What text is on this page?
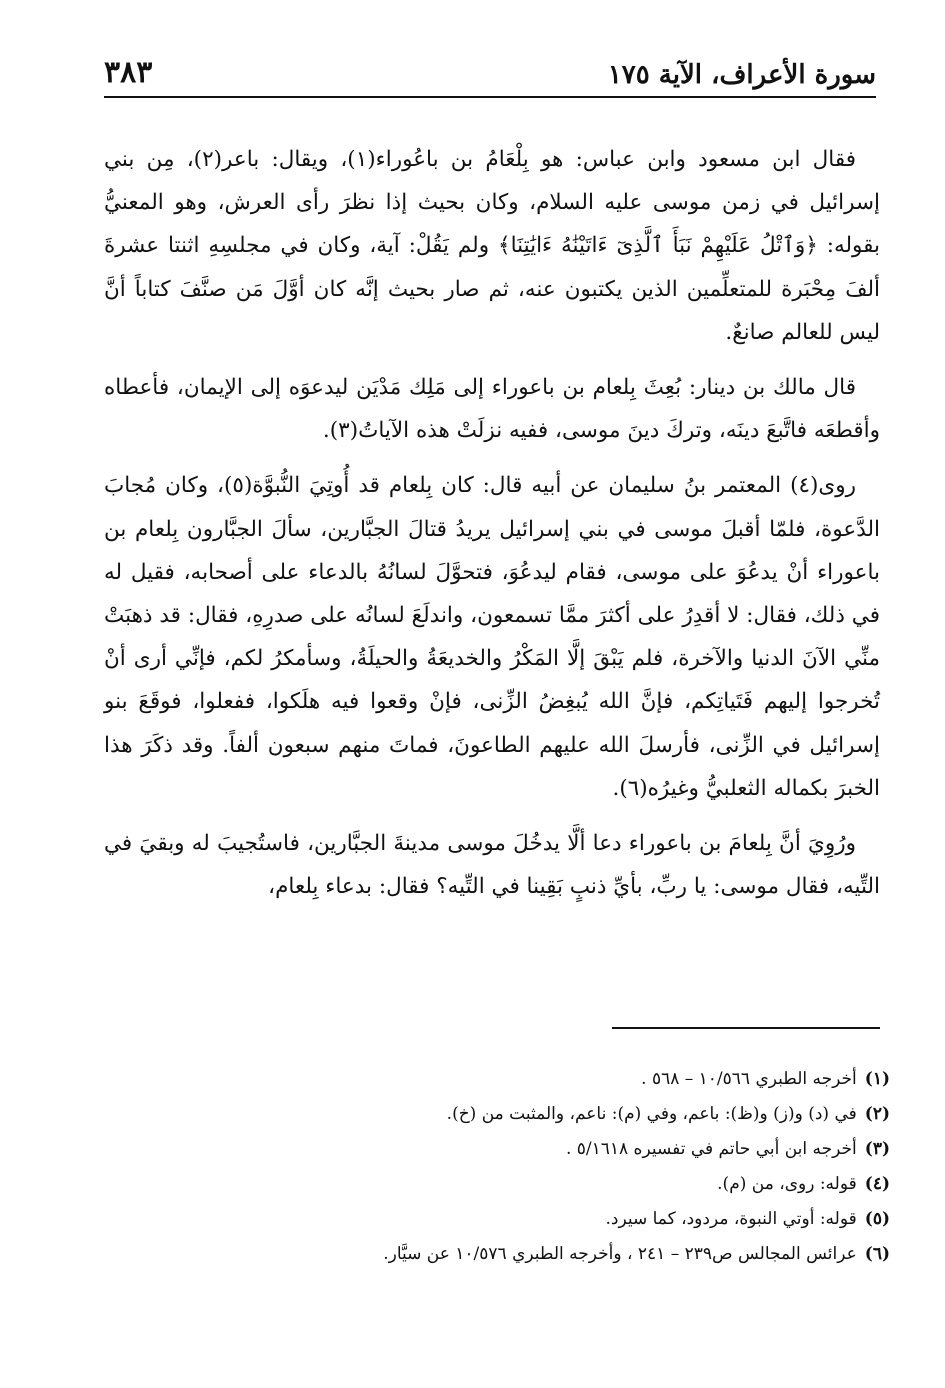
سورة الأعراف، الآية ١٧٥
٣٨٣

فقال ابن مسعود وابن عباس: هو بِلْعَامُ بن باعُوراء(١)، ويقال: باعر(٢)، مِن بني إسرائيل في زمن موسى عليه السلام، وكان بحيث إذا نظرَ رأى العرش، وهو المعنيُّ بقوله: ﴿وَٱتْلُ عَلَيْهِمْ نَبَأَ ٱلَّذِىٓ ءَاتَيْنَٰهُ ءَايَٰتِنَا﴾ ولم يَقُلْ: آية، وكان في مجلسِهِ اثنتا عشرةَ ألفَ مِحْبَرة للمتعلِّمين الذين يكتبون عنه، ثم صار بحيث إنَّه كان أوَّلَ مَن صنَّفَ كتاباً أنَّ ليس للعالم صانعٌ.

قال مالك بن دينار: بُعِثَ بِلعام بن باعوراء إلى مَلِك مَدْيَن ليدعوَه إلى الإيمان، فأعطاه وأقطعَه فاتَّبعَ دينَه، وتركَ دينَ موسى، ففيه نزلَتْ هذه الآياتُ(٣).

روى(٤) المعتمر بنُ سليمان عن أبيه قال: كان بِلعام قد أُوتِيَ النُّبوَّة(٥)، وكان مُجابَ الدَّعوة، فلمّا أقبلَ موسى في بني إسرائيل يريدُ قتالَ الجبَّارين، سألَ الجبَّارون بِلعام بن باعوراء أنْ يدعُوَ على موسى، فقام ليدعُوَ، فتحوَّلَ لسانُهُ بالدعاء على أصحابه، فقيل له في ذلك، فقال: لا أقدِرُ على أكثرَ ممَّا تسمعون، واندلَعَ لسانُه على صدرِهِ، فقال: قد ذهبَتْ منِّي الآنَ الدنيا والآخرة، فلم يَبْقَ إلَّا المَكْرُ والخديعَةُ والحيلَةُ، وسأمكرُ لكم، فإنِّي أرى أنْ تُخرجوا إليهم فَتَياتِكم، فإنَّ الله يُبغِضُ الزِّنى، فإنْ وقعوا فيه هلَكوا، ففعلوا، فوقَعَ بنو إسرائيل في الزِّنى، فأرسلَ الله عليهم الطاعونَ، فماتَ منهم سبعون ألفاً. وقد ذكَرَ هذا الخبرَ بكماله الثعلبيُّ وغيرُه(٦).

ورُوِيَ أنَّ بِلعامَ بن باعوراء دعا ألَّا يدخُلَ موسى مدينةَ الجبَّارين، فاستُجيبَ له وبقيَ في التِّيه، فقال موسى: يا ربِّ، بأيِّ ذنبٍ بَقِينا في التِّيه؟ فقال: بدعاء بِلعام،

(١)
أخرجه الطبري ١٠/٥٦٦ – ٥٦٨ .
(٢)
في (د) و(ز) و(ظ): باعم، وفي (م): ناعم، والمثبت من (خ).
(٣)
أخرجه ابن أبي حاتم في تفسيره ٥/١٦١٨ .
(٤)
قوله: روى، من (م).
(٥)
قوله: أوتي النبوة، مردود، كما سيرد.
(٦)
عرائس المجالس ص٢٣٩ – ٢٤١ ، وأخرجه الطبري ١٠/٥٧٦ عن سيَّار.
